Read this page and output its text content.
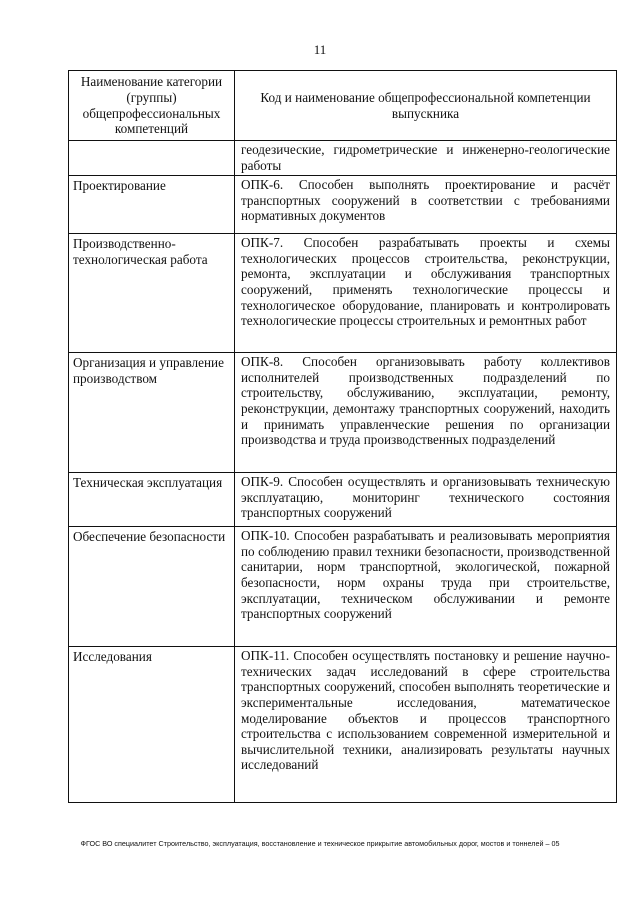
11
Наименование категории (группы) общепрофессиональных компетенций	Код и наименование общепрофессиональной компетенции выпускника

	геодезические, гидрометрические и инженерно-геологические работы

Проектирование	ОПК-6. Способен выполнять проектирование и расчёт транспортных сооружений в соответствии с требованиями нормативных документов

Производственно-технологическая работа	ОПК-7. Способен разрабатывать проекты и схемы технологических процессов строительства, реконструкции, ремонта, эксплуатации и обслуживания транспортных сооружений, применять технологические процессы и технологическое оборудование, планировать и контролировать технологические процессы строительных и ремонтных работ

Организация и управление производством	ОПК-8. Способен организовывать работу коллективов исполнителей производственных подразделений по строительству, обслуживанию, эксплуатации, ремонту, реконструкции, демонтажу транспортных сооружений, находить и принимать управленческие решения по организации производства и труда производственных подразделений

Техническая эксплуатация	ОПК-9. Способен осуществлять и организовывать техническую эксплуатацию, мониторинг технического состояния транспортных сооружений

Обеспечение безопасности	ОПК-10. Способен разрабатывать и реализовывать мероприятия по соблюдению правил техники безопасности, производственной санитарии, норм транспортной, экологической, пожарной безопасности, норм охраны труда при строительстве, эксплуатации, техническом обслуживании и ремонте транспортных сооружений

Исследования	ОПК-11. Способен осуществлять постановку и решение научно-технических задач исследований в сфере строительства транспортных сооружений, способен выполнять теоретические и экспериментальные исследования, математическое моделирование объектов и процессов транспортного строительства с использованием современной измерительной и вычислительной техники, анализировать результаты научных исследований
ФГОС ВО специалитет Строительство, эксплуатация, восстановление и техническое прикрытие автомобильных дорог, мостов и тоннелей – 05
